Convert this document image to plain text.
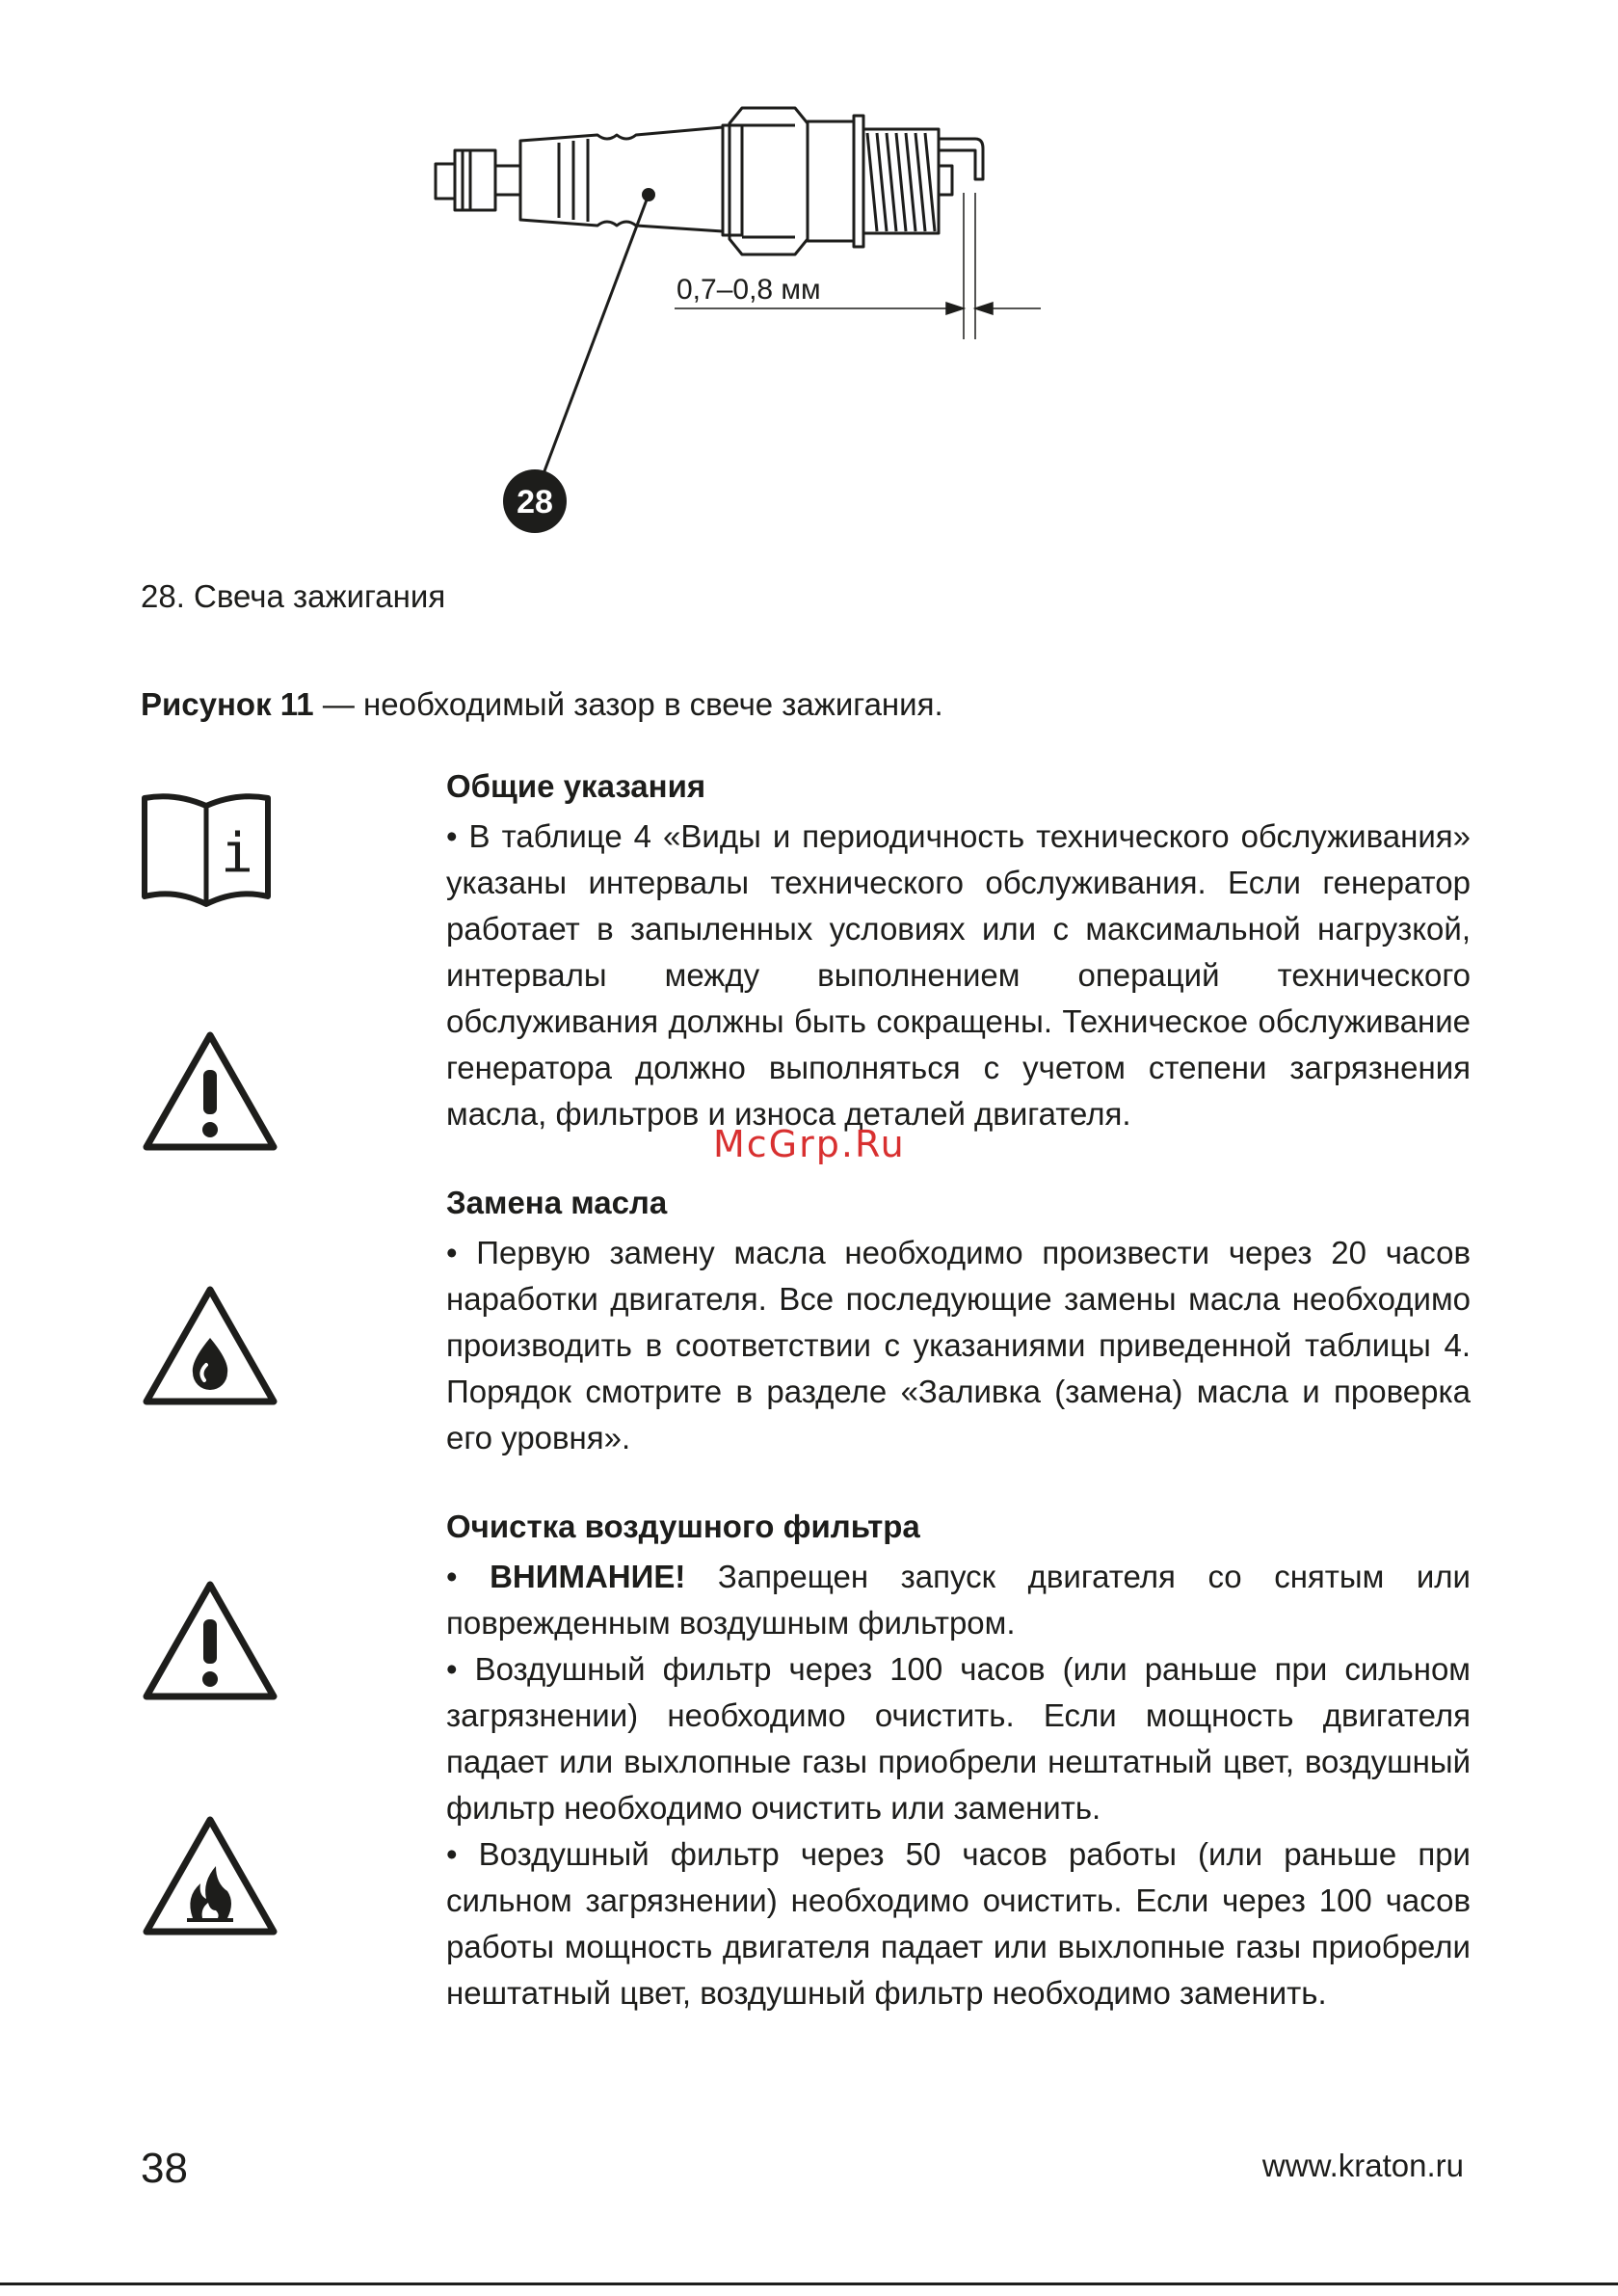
0,7–0,8 мм
28
28. Свеча зажигания
Рисунок 11 — необходимый зазор в свече зажигания.
i
Общие указания

• В таблице 4 «Виды и периодичность технического обслуживания» указаны интервалы технического обслуживания. Если генератор работает в запыленных условиях или с максимальной нагрузкой, интервалы между выполнением операций технического обслуживания должны быть сокращены. Техническое обслуживание генератора должно выполняться с учетом степени загрязнения масла, фильтров и износа деталей двигателя.

McGrp.Ru
Замена масла

• Первую замену масла необходимо произвести через 20 часов наработки двигателя. Все последующие замены масла необходимо производить в соответствии с указаниями приведенной таблицы 4. Порядок смотрите в разделе «Заливка (замена) масла и проверка его уровня».

Очистка воздушного фильтра

• ВНИМАНИЕ! Запрещен запуск двигателя со снятым или поврежденным воздушным фильтром.

• Воздушный фильтр через 100 часов (или раньше при сильном загрязнении) необходимо очистить. Если мощность двигателя падает или выхлопные газы приобрели нештатный цвет, воздушный фильтр необходимо очистить или заменить.

• Воздушный фильтр через 50 часов работы (или раньше при сильном загрязнении) необходимо очистить. Если через 100 часов работы мощность двигателя падает или выхлопные газы приобрели нештатный цвет, воздушный фильтр необходимо заменить.

38	www.kraton.ru
